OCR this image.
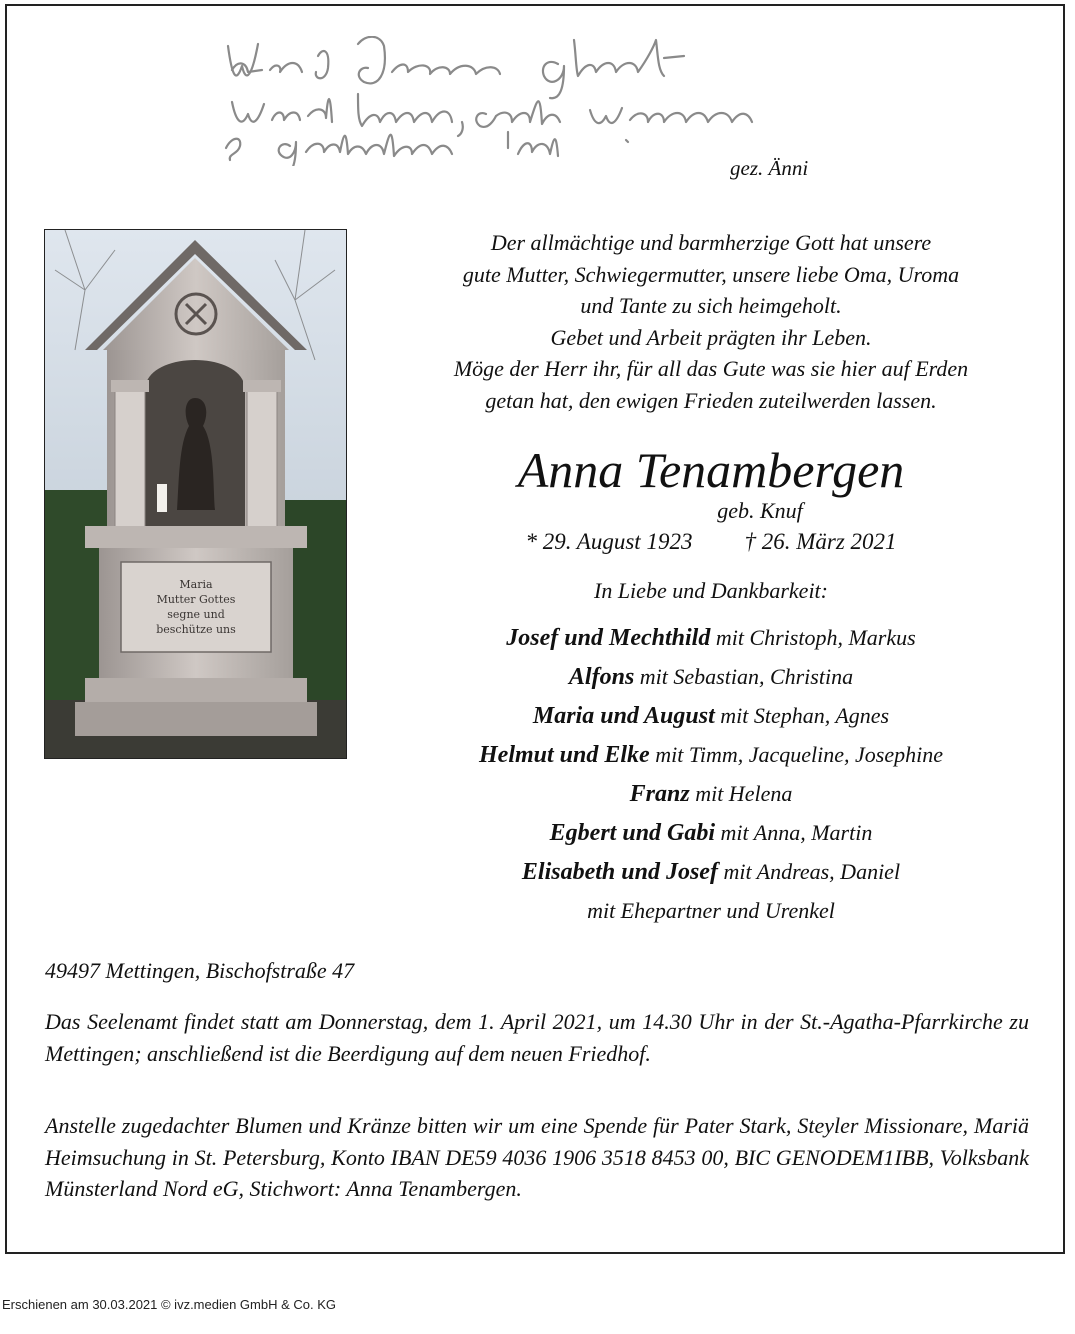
gez. Änni
Maria
Mutter Gottes
segne und
beschütze uns
Der allmächtige und barmherzige Gott hat unsere
gute Mutter, Schwiegermutter, unsere liebe Oma, Uroma
und Tante zu sich heimgeholt.
Gebet und Arbeit prägten ihr Leben.
Möge der Herr ihr, für all das Gute was sie hier auf Erden
getan hat, den ewigen Frieden zuteilwerden lassen.
Anna Tenambergen
geb. Knuf
* 29. August 1923 † 26. März 2021
In Liebe und Dankbarkeit:
Josef und Mechthild mit Christoph, Markus
Alfons mit Sebastian, Christina
Maria und August mit Stephan, Agnes
Helmut und Elke mit Timm, Jacqueline, Josephine
Franz mit Helena
Egbert und Gabi mit Anna, Martin
Elisabeth und Josef mit Andreas, Daniel
mit Ehepartner und Urenkel
49497 Mettingen, Bischofstraße 47
Das Seelenamt findet statt am Donnerstag, dem 1. April 2021, um 14.30 Uhr in der St.-Agatha-Pfarrkirche zu Mettingen; anschließend ist die Beerdigung auf dem neuen Friedhof.
Anstelle zugedachter Blumen und Kränze bitten wir um eine Spende für Pater Stark, Steyler Missionare, Mariä Heimsuchung in St. Petersburg, Konto IBAN DE59 4036 1906 3518 8453 00, BIC GENODEM1IBB, Volksbank Münsterland Nord eG, Stichwort: Anna Tenambergen.
Erschienen am 30.03.2021 © ivz.medien GmbH & Co. KG
